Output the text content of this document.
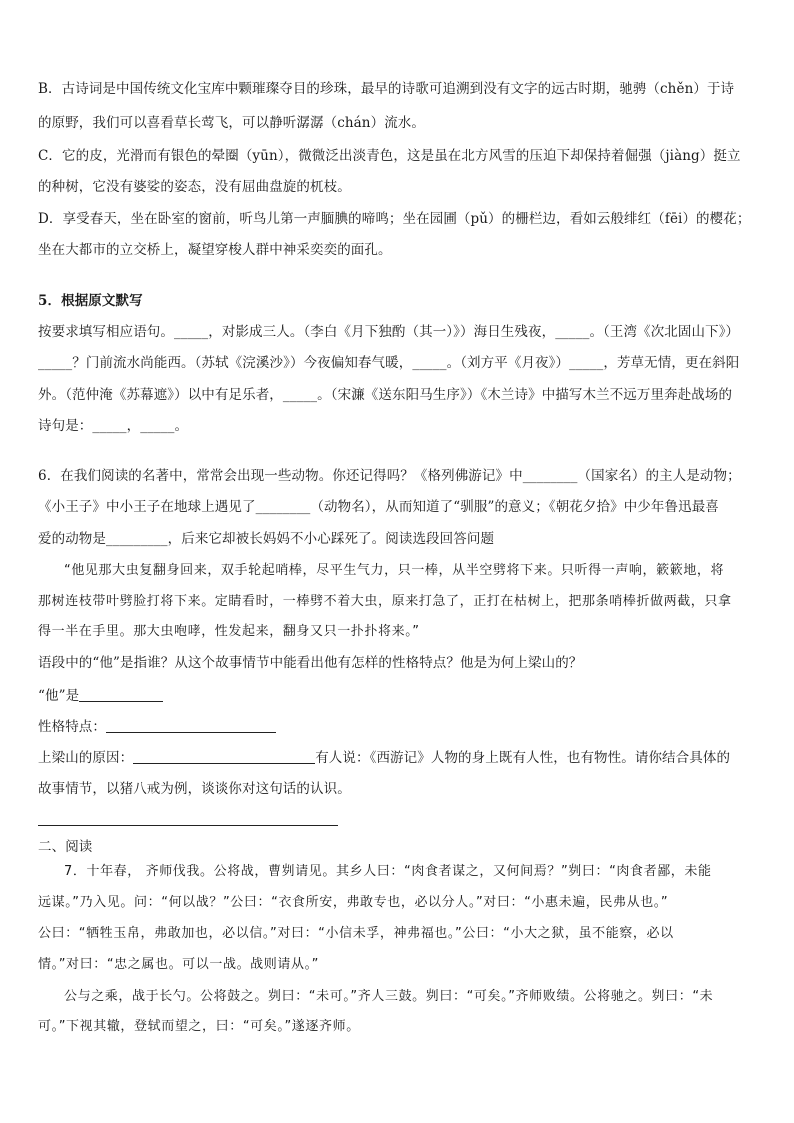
B．古诗词是中国传统文化宝库中颗璀璨夺目的珍珠，最早的诗歌可追溯到没有文字的远古时期，驰骋（chěn）于诗
的原野，我们可以喜看草长莺飞，可以静听潺潺（chán）流水。
C．它的皮，光滑而有银色的晕圈（yūn），微微泛出淡青色，这是虽在北方风雪的压迫下却保持着倔强（jiàng）挺立
的种树，它没有婆娑的姿态，没有屈曲盘旋的杌枝。
D．享受春天，坐在卧室的窗前，听鸟儿第一声腼腆的啼鸣；坐在园圃（pǔ）的栅栏边，看如云般绯红（fēi）的樱花；
坐在大都市的立交桥上，凝望穿梭人群中神采奕奕的面孔。
5．根据原文默写
按要求填写相应语句。_____，对影成三人。（李白《月下独酌（其一）》）海日生残夜，_____。（王湾《次北固山下》）
_____？门前流水尚能西。（苏轼《浣溪沙》）今夜偏知春气暖，_____。（刘方平《月夜》）_____，芳草无情，更在斜阳
外。（范仲淹《苏幕遮》）以中有足乐者，_____。（宋濂《送东阳马生序》）《木兰诗》中描写木兰不远万里奔赴战场的
诗句是：_____，_____。
6．在我们阅读的名著中，常常会出现一些动物。你还记得吗？《格列佛游记》中________（国家名）的主人是动物；
《小王子》中小王子在地球上遇见了________（动物名），从而知道了“驯服”的意义；《朝花夕拾》中少年鲁迅最喜
爱的动物是_________，后来它却被长妈妈不小心踩死了。阅读选段回答问题
“他见那大虫复翻身回来，双手轮起哨棒，尽平生气力，只一棒，从半空劈将下来。只听得一声响，簌簌地，将
那树连枝带叶劈脸打将下来。定睛看时，一棒劈不着大虫，原来打急了，正打在枯树上，把那条哨棒折做两截，只拿
得一半在手里。那大虫咆哮，性发起来，翻身又只一扑扑将来。”
语段中的“他”是指谁？从这个故事情节中能看出他有怎样的性格特点？他是为何上梁山的？
“他”是
性格特点：
上梁山的原因：	有人说：《西游记》人物的身上既有人性，也有物性。请你结合具体的
故事情节，以猪八戒为例，谈谈你对这句话的认识。
二、阅读
7．十年春， 齐师伐我。公将战，曹刿请见。其乡人曰：“肉食者谋之，又何间焉？”刿曰：“肉食者鄙，未能
远谋。”乃入见。问：“何以战？”公曰：“衣食所安，弗敢专也，必以分人。”对曰：“小惠未遍，民弗从也。”
公曰：“牺牲玉帛，弗敢加也，必以信。”对曰：“小信未孚，神弗福也。”公曰：“小大之狱，虽不能察，必以
情。”对曰：“忠之属也。可以一战。战则请从。”
公与之乘，战于长勺。公将鼓之。刿曰：“未可。”齐人三鼓。刿曰：“可矣。”齐师败绩。公将驰之。刿曰：“未
可。”下视其辙，登轼而望之，曰：“可矣。”遂逐齐师。
